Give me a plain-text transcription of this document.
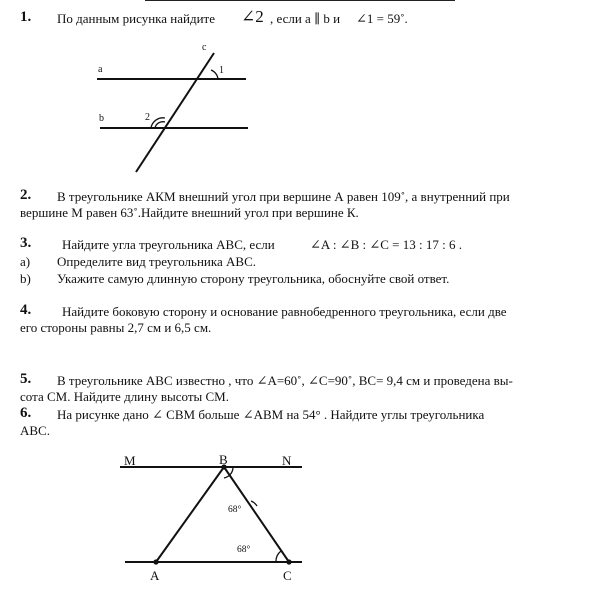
1. По данным рисунка найдите ∠2 , если a ∥ b и ∠1 = 59˚.
a
b
c
1
2
M	B	N
A	C
68°
68°
2. В треугольнике АКМ внешний угол при вершине А равен 109˚, а внутренний при
вершине М равен 63˚.Найдите внешний угол при вершине К.
3. Найдите угла треугольника АВС, если	∠A : ∠B : ∠C = 13 : 17 : 6 .
a) Определите вид треугольника АВС.
b) Укажите самую длинную сторону треугольника, обоснуйте свой ответ.
4. Найдите боковую сторону и основание равнобедренного треугольника, если две
его стороны равны 2,7 см и 6,5 см.
5. В треугольнике АВС известно , что ∠A=60˚, ∠C=90˚, ВС= 9,4 см и проведена вы-
сота СМ. Найдите длину высоты СМ.
6. На рисунке дано ∠ CBM больше ∠ABM на 54° . Найдите углы треугольника
АВС.
